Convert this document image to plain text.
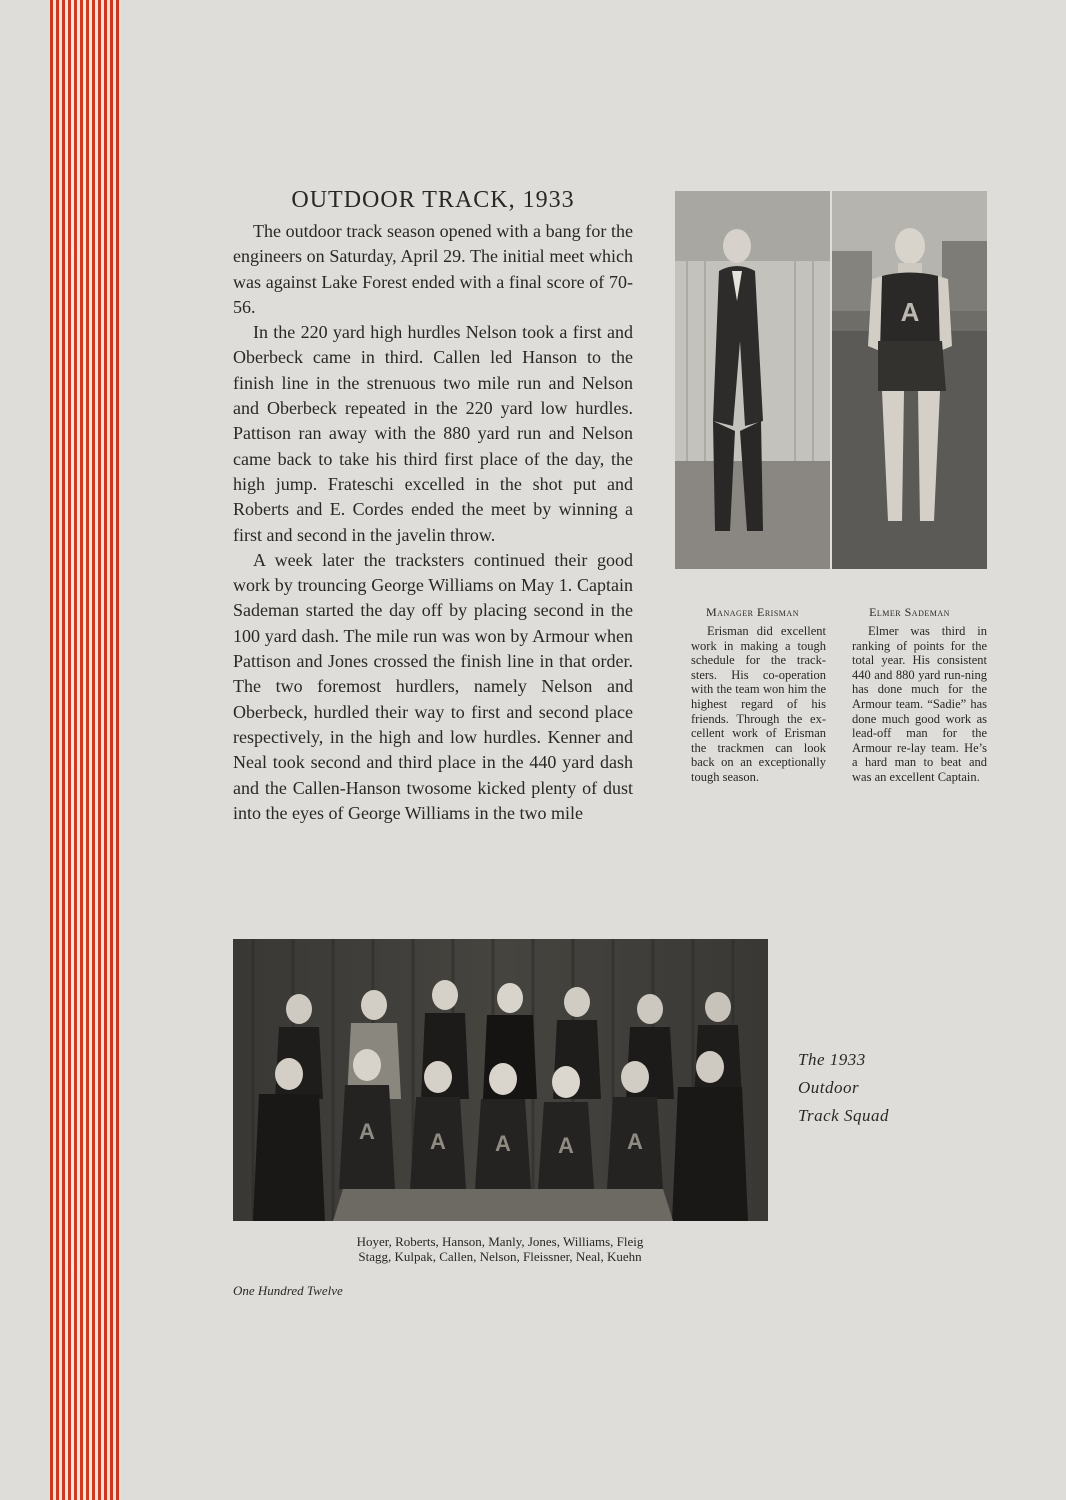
OUTDOOR TRACK, 1933

The outdoor track season opened with a bang for the engineers on Saturday, April 29. The initial meet which was against Lake Forest ended with a final score of 70-56.

In the 220 yard high hurdles Nelson took a first and Oberbeck came in third. Callen led Hanson to the finish line in the strenuous two mile run and Nelson and Oberbeck repeated in the 220 yard low hurdles. Pattison ran away with the 880 yard run and Nelson came back to take his third first place of the day, the high jump. Frateschi excelled in the shot put and Roberts and E. Cordes ended the meet by winning a first and second in the javelin throw.

A week later the tracksters continued their good work by trouncing George Williams on May 1. Captain Sademan started the day off by placing second in the 100 yard dash. The mile run was won by Armour when Pattison and Jones crossed the finish line in that order. The two foremost hurdlers, namely Nelson and Oberbeck, hurdled their way to first and second place respectively, in the high and low hurdles. Kenner and Neal took second and third place in the 440 yard dash and the Callen-Hanson twosome kicked plenty of dust into the eyes of George Williams in the two mile

A
Manager Erisman	Elmer Sademan

Erisman did excellent work in making a tough schedule for the track-sters. His co-operation with the team won him the highest regard of his friends. Through the ex-cellent work of Erisman the trackmen can look back on an exceptionally tough season.

Elmer was third in ranking of points for the total year. His consistent 440 and 880 yard run-ning has done much for the Armour team. “Sadie” has done much good work as lead-off man for the Armour re-lay team. He’s a hard man to beat and was an excellent Captain.

A	A A A A
The 1933
Outdoor
Track Squad
Hoyer, Roberts, Hanson, Manly, Jones, Williams, Fleig
Stagg, Kulpak, Callen, Nelson, Fleissner, Neal, Kuehn
One Hundred Twelve
